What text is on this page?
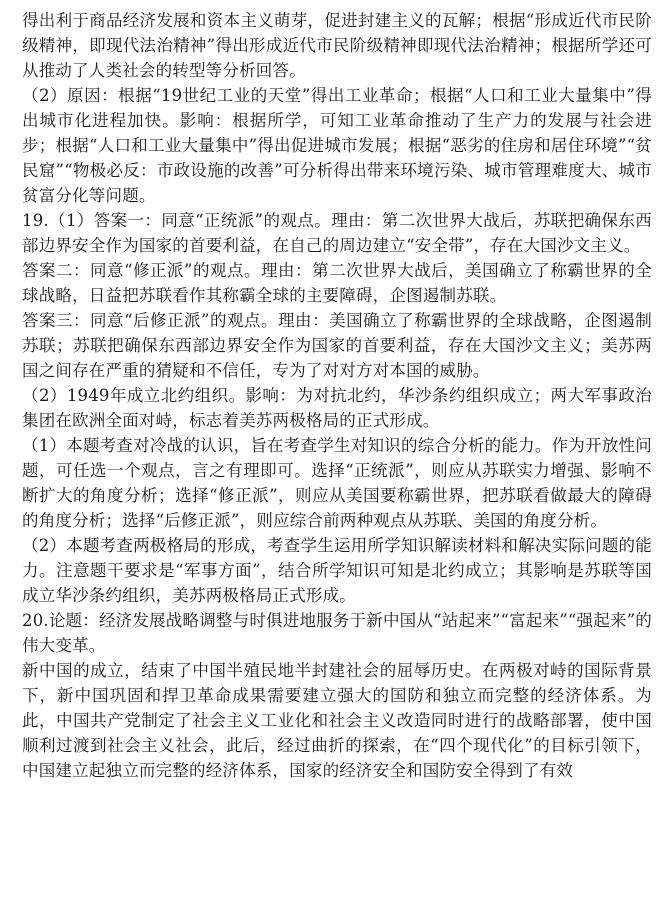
得出利于商品经济发展和资本主义萌芽，促进封建主义的瓦解；根据“形成近代市民阶级精神，即现代法治精神”得出形成近代市民阶级精神即现代法治精神；根据所学还可从推动了人类社会的转型等分析回答。

（2）原因：根据“19世纪工业的天堂”得出工业革命；根据“人口和工业大量集中”得出城市化进程加快。影响：根据所学，可知工业革命推动了生产力的发展与社会进步；根据“人口和工业大量集中”得出促进城市发展；根据“恶劣的住房和居住环境”“贫民窟”“物极必反：市政设施的改善”可分析得出带来环境污染、城市管理难度大、城市贫富分化等问题。

19.（1）答案一：同意“正统派”的观点。理由：第二次世界大战后，苏联把确保东西部边界安全作为国家的首要利益，在自己的周边建立“安全带”，存在大国沙文主义。

答案二：同意“修正派”的观点。理由：第二次世界大战后，美国确立了称霸世界的全球战略，日益把苏联看作其称霸全球的主要障碍，企图遏制苏联。

答案三：同意“后修正派”的观点。理由：美国确立了称霸世界的全球战略，企图遏制苏联；苏联把确保东西部边界安全作为国家的首要利益，存在大国沙文主义；美苏两国之间存在严重的猜疑和不信任，专为了对对方对本国的威胁。

（2）1949年成立北约组织。影响：为对抗北约，华沙条约组织成立；两大军事政治集团在欧洲全面对峙，标志着美苏两极格局的正式形成。

（1）本题考查对冷战的认识，旨在考查学生对知识的综合分析的能力。作为开放性问题，可任选一个观点，言之有理即可。选择“正统派”，则应从苏联实力增强、影响不断扩大的角度分析；选择“修正派”，则应从美国要称霸世界，把苏联看做最大的障碍的角度分析；选择“后修正派”，则应综合前两种观点从苏联、美国的角度分析。

（2）本题考查两极格局的形成，考查学生运用所学知识解读材料和解决实际问题的能力。注意题干要求是“军事方面”，结合所学知识可知是北约成立；其影响是苏联等国成立华沙条约组织，美苏两极格局正式形成。

20.论题：经济发展战略调整与时俱进地服务于新中国从“站起来”“富起来”“强起来”的伟大变革。

新中国的成立，结束了中国半殖民地半封建社会的屈辱历史。在两极对峙的国际背景下，新中国巩固和捍卫革命成果需要建立强大的国防和独立而完整的经济体系。为此，中国共产党制定了社会主义工业化和社会主义改造同时进行的战略部署，使中国顺利过渡到社会主义社会，此后，经过曲折的探索，在“四个现代化”的目标引领下，中国建立起独立而完整的经济体系，国家的经济安全和国防安全得到了有效
